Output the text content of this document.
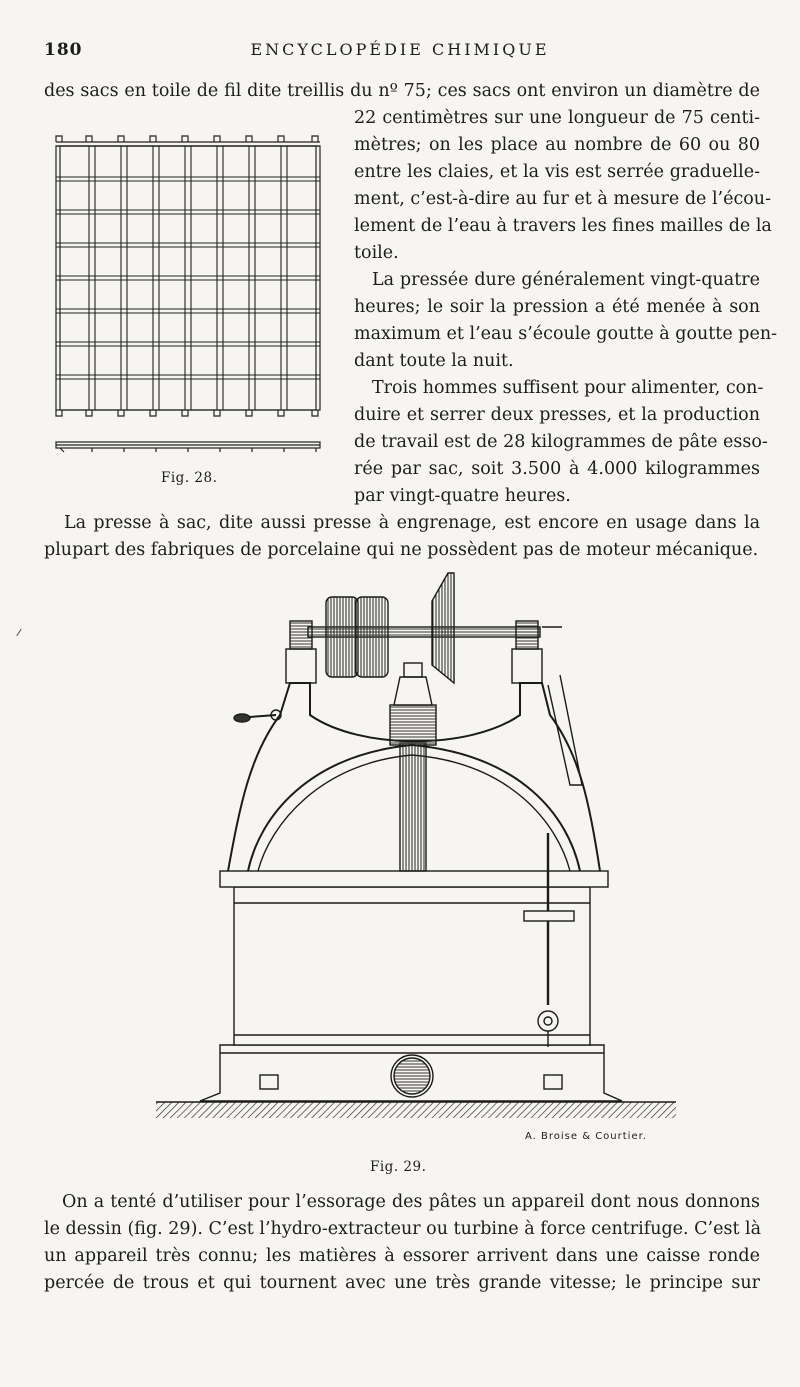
180	ENCYCLOPÉDIE CHIMIQUE
des sacs en toile de fil dite treillis du nº 75; ces sacs ont environ un diamètre de
22 centimètres sur une longueur de 75 centi-
mètres; on les place au nombre de 60 ou 80
entre les claies, et la vis est serrée graduelle-
ment, c’est-à-dire au fur et à mesure de l’écou-
lement de l’eau à travers les fines mailles de la
toile.
La pressée dure généralement vingt-quatre
heures; le soir la pression a été menée à son
maximum et l’eau s’écoule goutte à goutte pen-
dant toute la nuit.
Trois hommes suffisent pour alimenter, con-
duire et serrer deux presses, et la production
de travail est de 28 kilogrammes de pâte esso-
rée par sac, soit 3.500 à 4.000 kilogrammes
par vingt-quatre heures.
La presse à sac, dite aussi presse à engrenage, est encore en usage dans la
plupart des fabriques de porcelaine qui ne possèdent pas de moteur mécanique.
Fig. 28.
A. Broise & Courtier.
Fig. 29.
On a tenté d’utiliser pour l’essorage des pâtes un appareil dont nous donnons
le dessin (fig. 29). C’est l’hydro-extracteur ou turbine à force centrifuge. C’est là
un appareil très connu; les matières à essorer arrivent dans une caisse ronde
percée de trous et qui tournent avec une très grande vitesse; le principe sur
